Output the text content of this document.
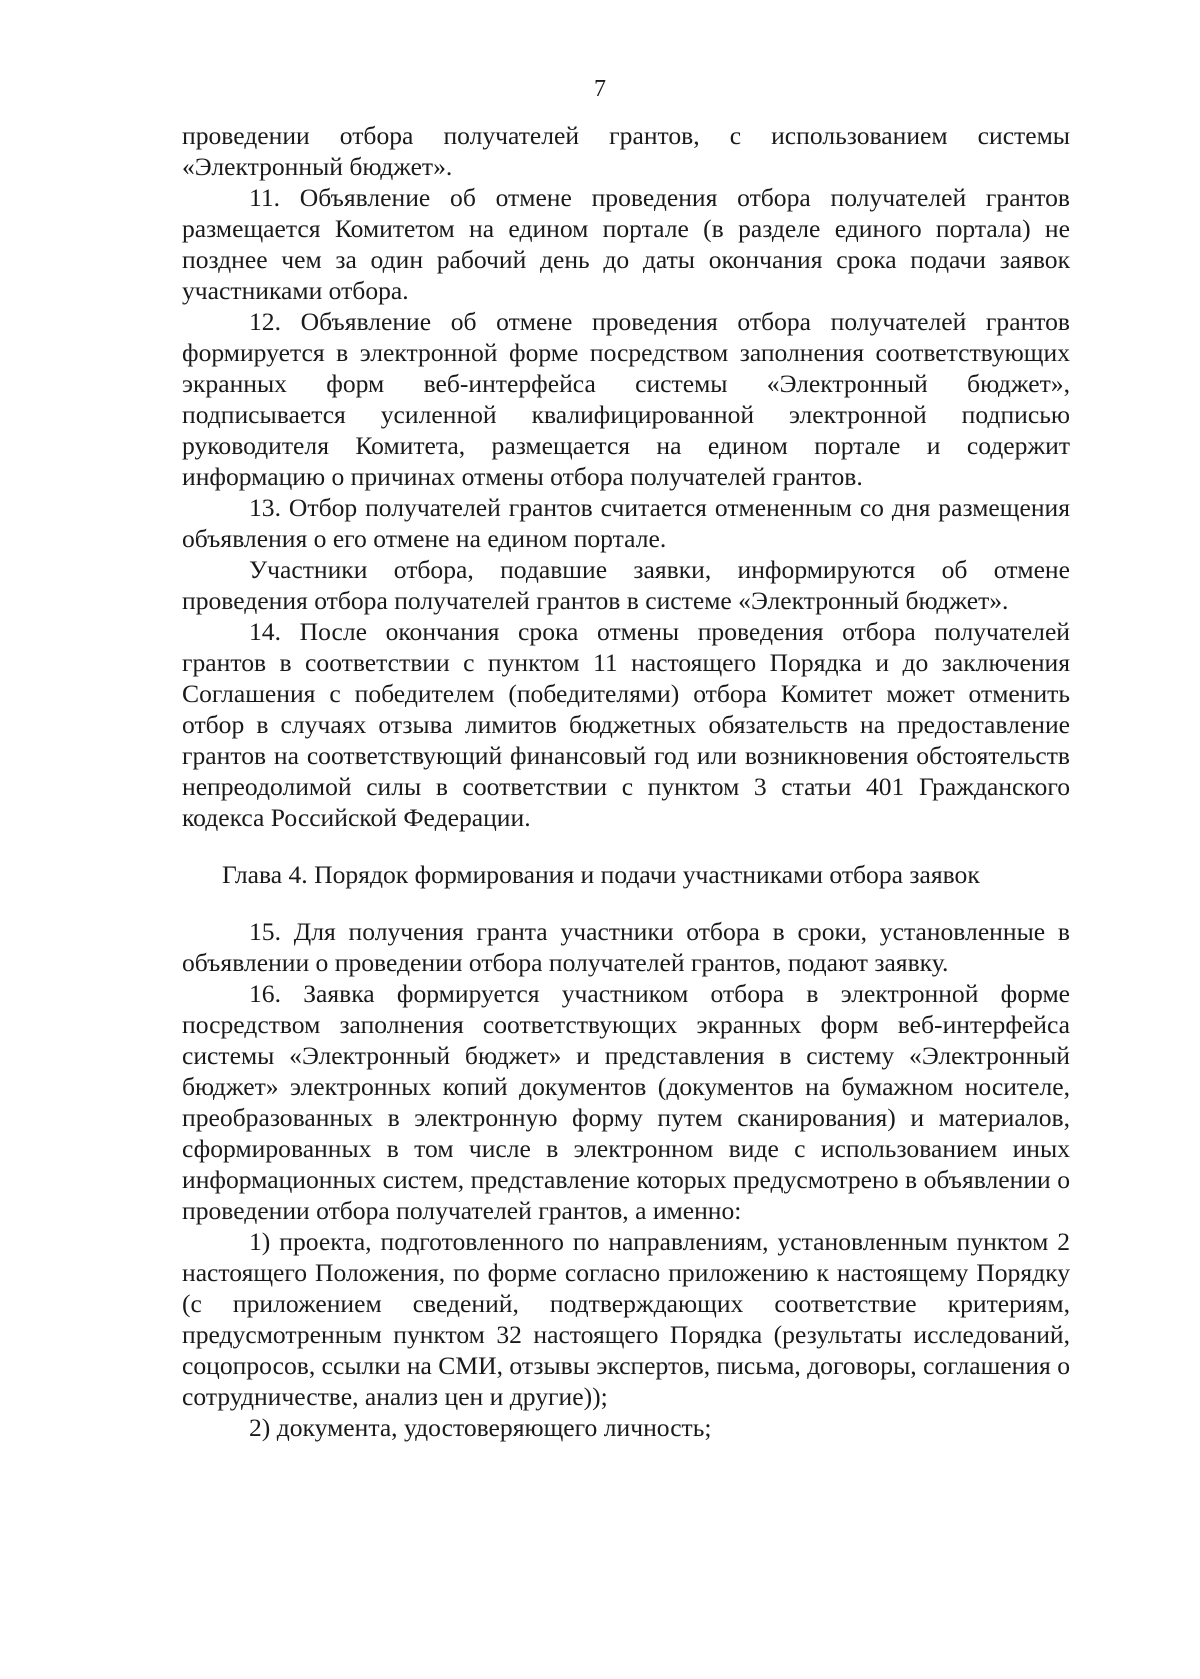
7

проведении отбора получателей грантов, с использованием системы «Электронный бюджет».

11. Объявление об отмене проведения отбора получателей грантов размещается Комитетом на едином портале (в разделе единого портала) не позднее чем за один рабочий день до даты окончания срока подачи заявок участниками отбора.

12. Объявление об отмене проведения отбора получателей грантов формируется в электронной форме посредством заполнения соответствующих экранных форм веб-интерфейса системы «Электронный бюджет», подписывается усиленной квалифицированной электронной подписью руководителя Комитета, размещается на едином портале и содержит информацию о причинах отмены отбора получателей грантов.

13. Отбор получателей грантов считается отмененным со дня размещения объявления о его отмене на едином портале.

Участники отбора, подавшие заявки, информируются об отмене проведения отбора получателей грантов в системе «Электронный бюджет».

14. После окончания срока отмены проведения отбора получателей грантов в соответствии с пунктом 11 настоящего Порядка и до заключения Соглашения с победителем (победителями) отбора Комитет может отменить отбор в случаях отзыва лимитов бюджетных обязательств на предоставление грантов на соответствующий финансовый год или возникновения обстоятельств непреодолимой силы в соответствии с пунктом 3 статьи 401 Гражданского кодекса Российской Федерации.

Глава 4. Порядок формирования и подачи участниками отбора заявок

15. Для получения гранта участники отбора в сроки, установленные в объявлении о проведении отбора получателей грантов, подают заявку.

16. Заявка формируется участником отбора в электронной форме посредством заполнения соответствующих экранных форм веб-интерфейса системы «Электронный бюджет» и представления в систему «Электронный бюджет» электронных копий документов (документов на бумажном носителе, преобразованных в электронную форму путем сканирования) и материалов, сформированных в том числе в электронном виде с использованием иных информационных систем, представление которых предусмотрено в объявлении о проведении отбора получателей грантов, а именно:

1) проекта, подготовленного по направлениям, установленным пунктом 2 настоящего Положения, по форме согласно приложению к настоящему Порядку (с приложением сведений, подтверждающих соответствие критериям, предусмотренным пунктом 32 настоящего Порядка (результаты исследований, соцопросов, ссылки на СМИ, отзывы экспертов, письма, договоры, соглашения о сотрудничестве, анализ цен и другие));

2) документа, удостоверяющего личность;
